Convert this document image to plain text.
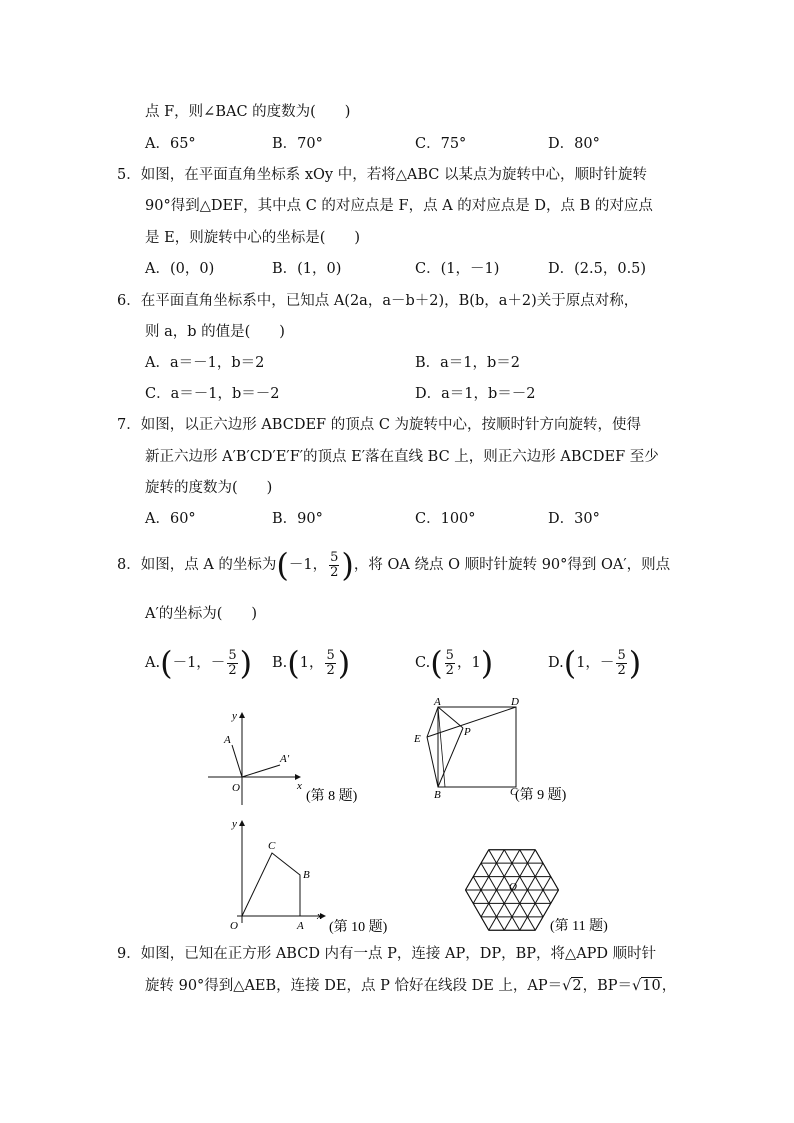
点 F，则∠BAC 的度数为(　　)
A．65°	B．70°	C．75°	D．80°
5．如图，在平面直角坐标系 xOy 中，若将△ABC 以某点为旋转中心，顺时针旋转
90°得到△DEF，其中点 C 的对应点是 F，点 A 的对应点是 D，点 B 的对应点
是 E，则旋转中心的坐标是(　　)
A．(0，0)	B．(1，0)	C．(1，－1)	D．(2.5，0.5)
6．在平面直角坐标系中，已知点 A(2a，a－b＋2)，B(b，a＋2)关于原点对称，
则 a，b 的值是(　　)
A．a＝－1，b＝2	B．a＝1，b＝2
C．a＝－1，b＝－2	D．a＝1，b＝－2
7．如图，以正六边形 ABCDEF 的顶点 C 为旋转中心，按顺时针方向旋转，使得
新正六边形 A′B′CD′E′F′的顶点 E′落在直线 BC 上，则正六边形 ABCDEF 至少
旋转的度数为(　　)
A．60°	B．90°	C．100°	D．30°
8．如图，点 A 的坐标为(－1， $\frac{5}{2}$ )，将 OA 绕点 O 顺时针旋转 90°得到 OA′，则点
A′的坐标为(　　)
A.(－1，－ $\frac{5}{2}$ ) B.(1， $\frac{5}{2}$ )	$C.( \frac{5}{2}$ ，1)	D.(1，－ $\frac{5}{2}$ )
y
A
A′
O	x
(第 8 题)
A	D
E
P
B	C
(第 9 题)
y
C
B
O	A
x
(第 10 题)
O
(第 11 题)
9．如图，已知在正方形 ABCD 内有一点 P，连接 AP，DP，BP，将△APD 顺时针
旋转 90°得到△AEB，连接 DE，点 P 恰好在线段 DE 上，AP＝√2，BP＝√10，
